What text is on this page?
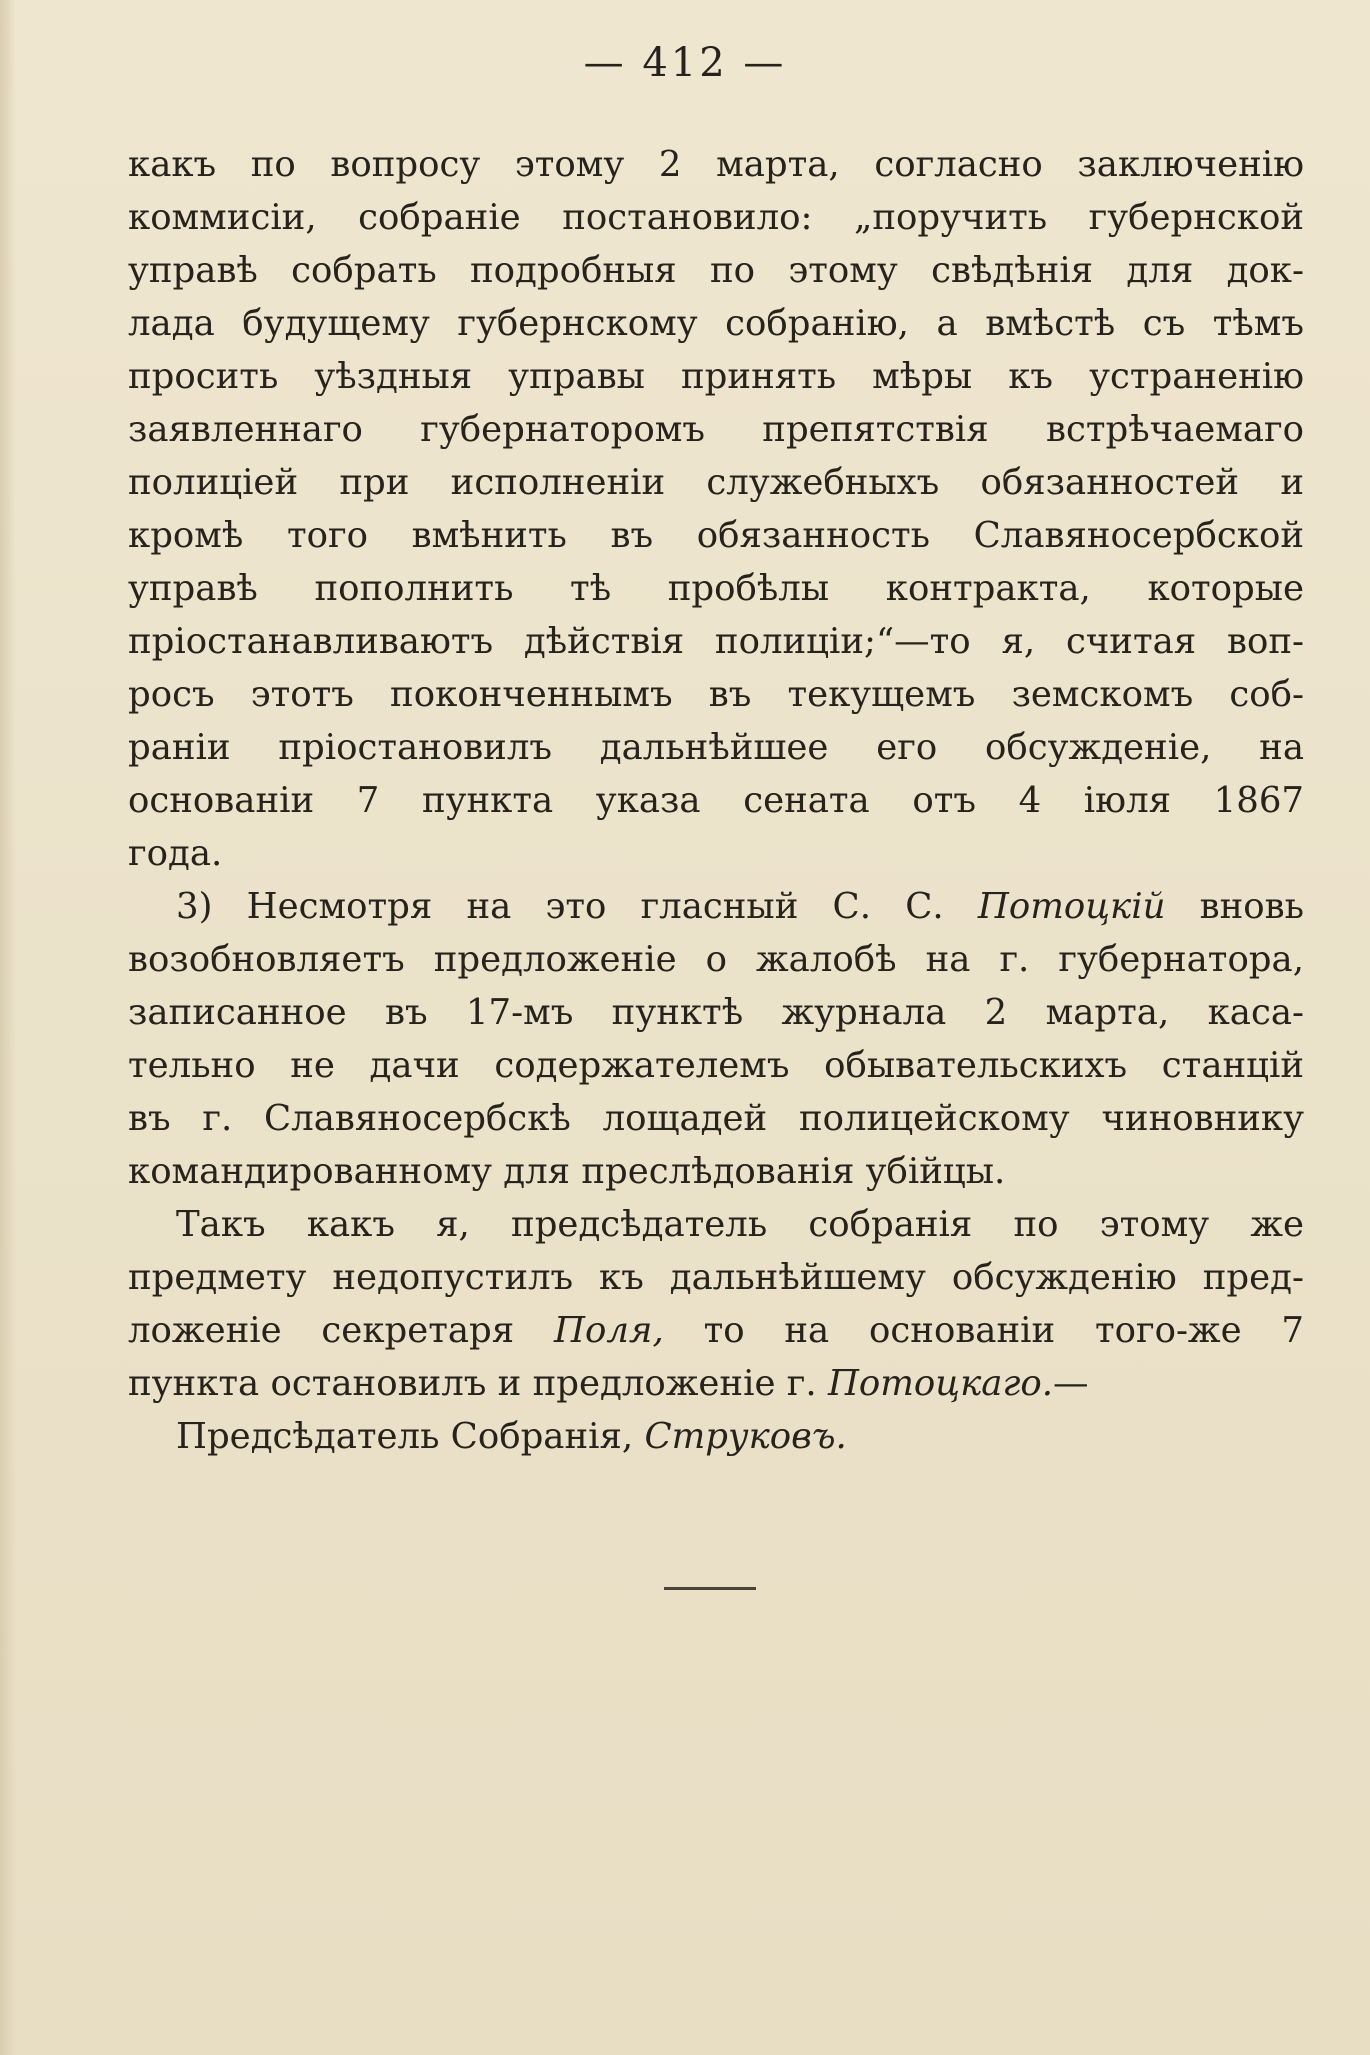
— 412 —
какъ по вопросу этому 2 марта, согласно заключенію
коммисіи, собраніе постановило: „поручить губернской
управѣ собрать подробныя по этому свѣдѣнія для док-
лада будущему губернскому собранію, а вмѣстѣ съ тѣмъ
просить уѣздныя управы принять мѣры къ устраненію
заявленнаго губернаторомъ препятствія встрѣчаемаго
полиціей при исполненіи служебныхъ обязанностей и
кромѣ того вмѣнить въ обязанность Славяносербской
управѣ пополнить тѣ пробѣлы контракта, которые
пріостанавливаютъ дѣйствія полиціи;“—то я, считая воп-
росъ этотъ поконченнымъ въ текущемъ земскомъ соб-
раніи пріостановилъ дальнѣйшее его обсужденіе, на
основаніи 7 пункта указа сената отъ 4 іюля 1867
года.
3) Несмотря на это гласный С. С. Потоцкій вновь
возобновляетъ предложеніе о жалобѣ на г. губернатора,
записанное въ 17-мъ пунктѣ журнала 2 марта, каса-
тельно не дачи содержателемъ обывательскихъ станцій
въ г. Славяносербскѣ лощадей полицейскому чиновнику
командированному для преслѣдованія убійцы.
Такъ какъ я, предсѣдатель собранія по этому же
предмету недопустилъ къ дальнѣйшему обсужденію пред-
ложеніе секретаря Поля, то на основаніи того-же 7
пункта остановилъ и предложеніе г. Потоцкаго.—
Предсѣдатель Собранія, Струковъ.
